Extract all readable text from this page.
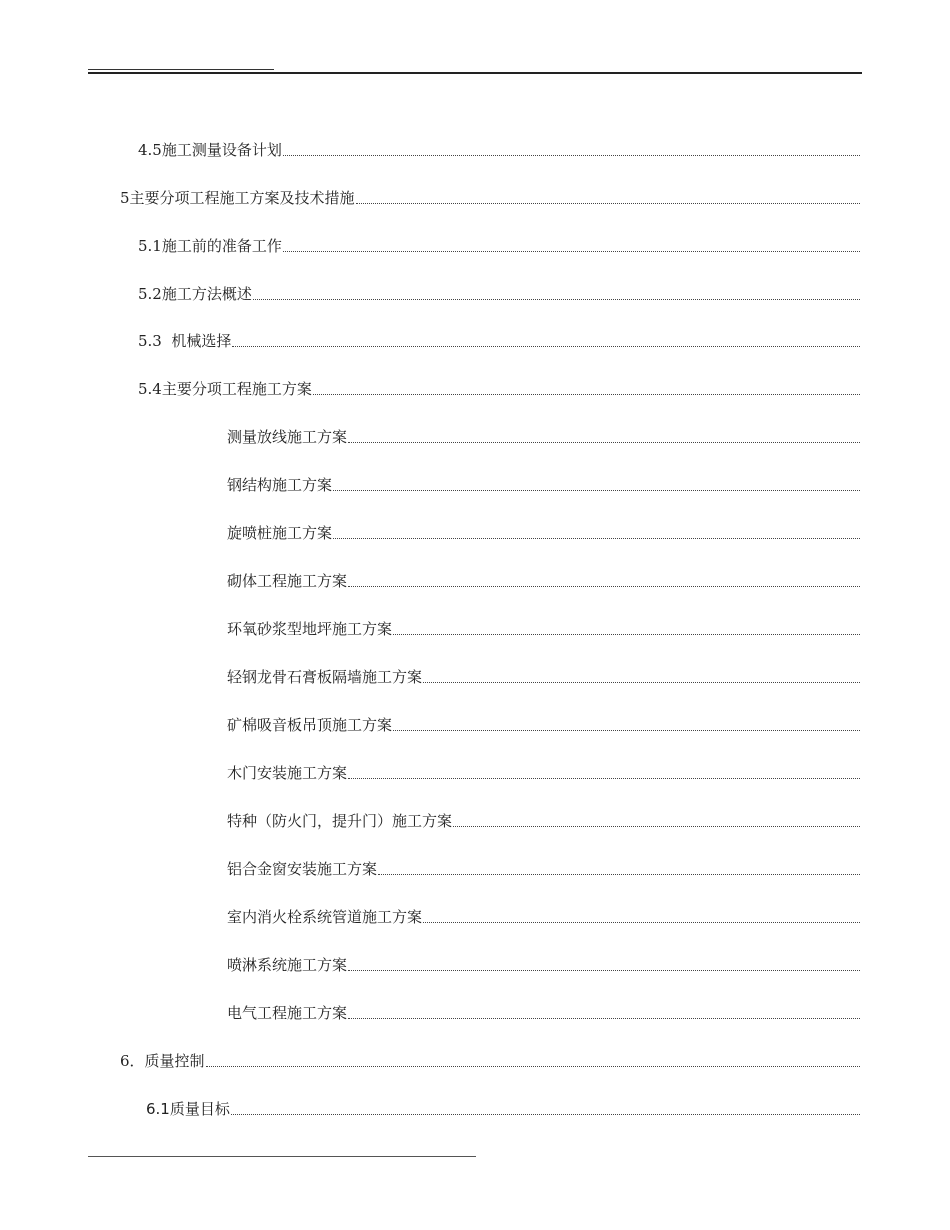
4.5施工测量设备计划
5主要分项工程施工方案及技术措施
5.1施工前的准备工作
5.2施工方法概述
5.3  机械选择
5.4主要分项工程施工方案
测量放线施工方案
钢结构施工方案
旋喷桩施工方案
砌体工程施工方案
环氧砂浆型地坪施工方案
轻钢龙骨石膏板隔墙施工方案
矿棉吸音板吊顶施工方案
木门安装施工方案
特种（防火门，提升门）施工方案
铝合金窗安装施工方案
室内消火栓系统管道施工方案
喷淋系统施工方案
电气工程施工方案
6．质量控制
6.1质量目标
